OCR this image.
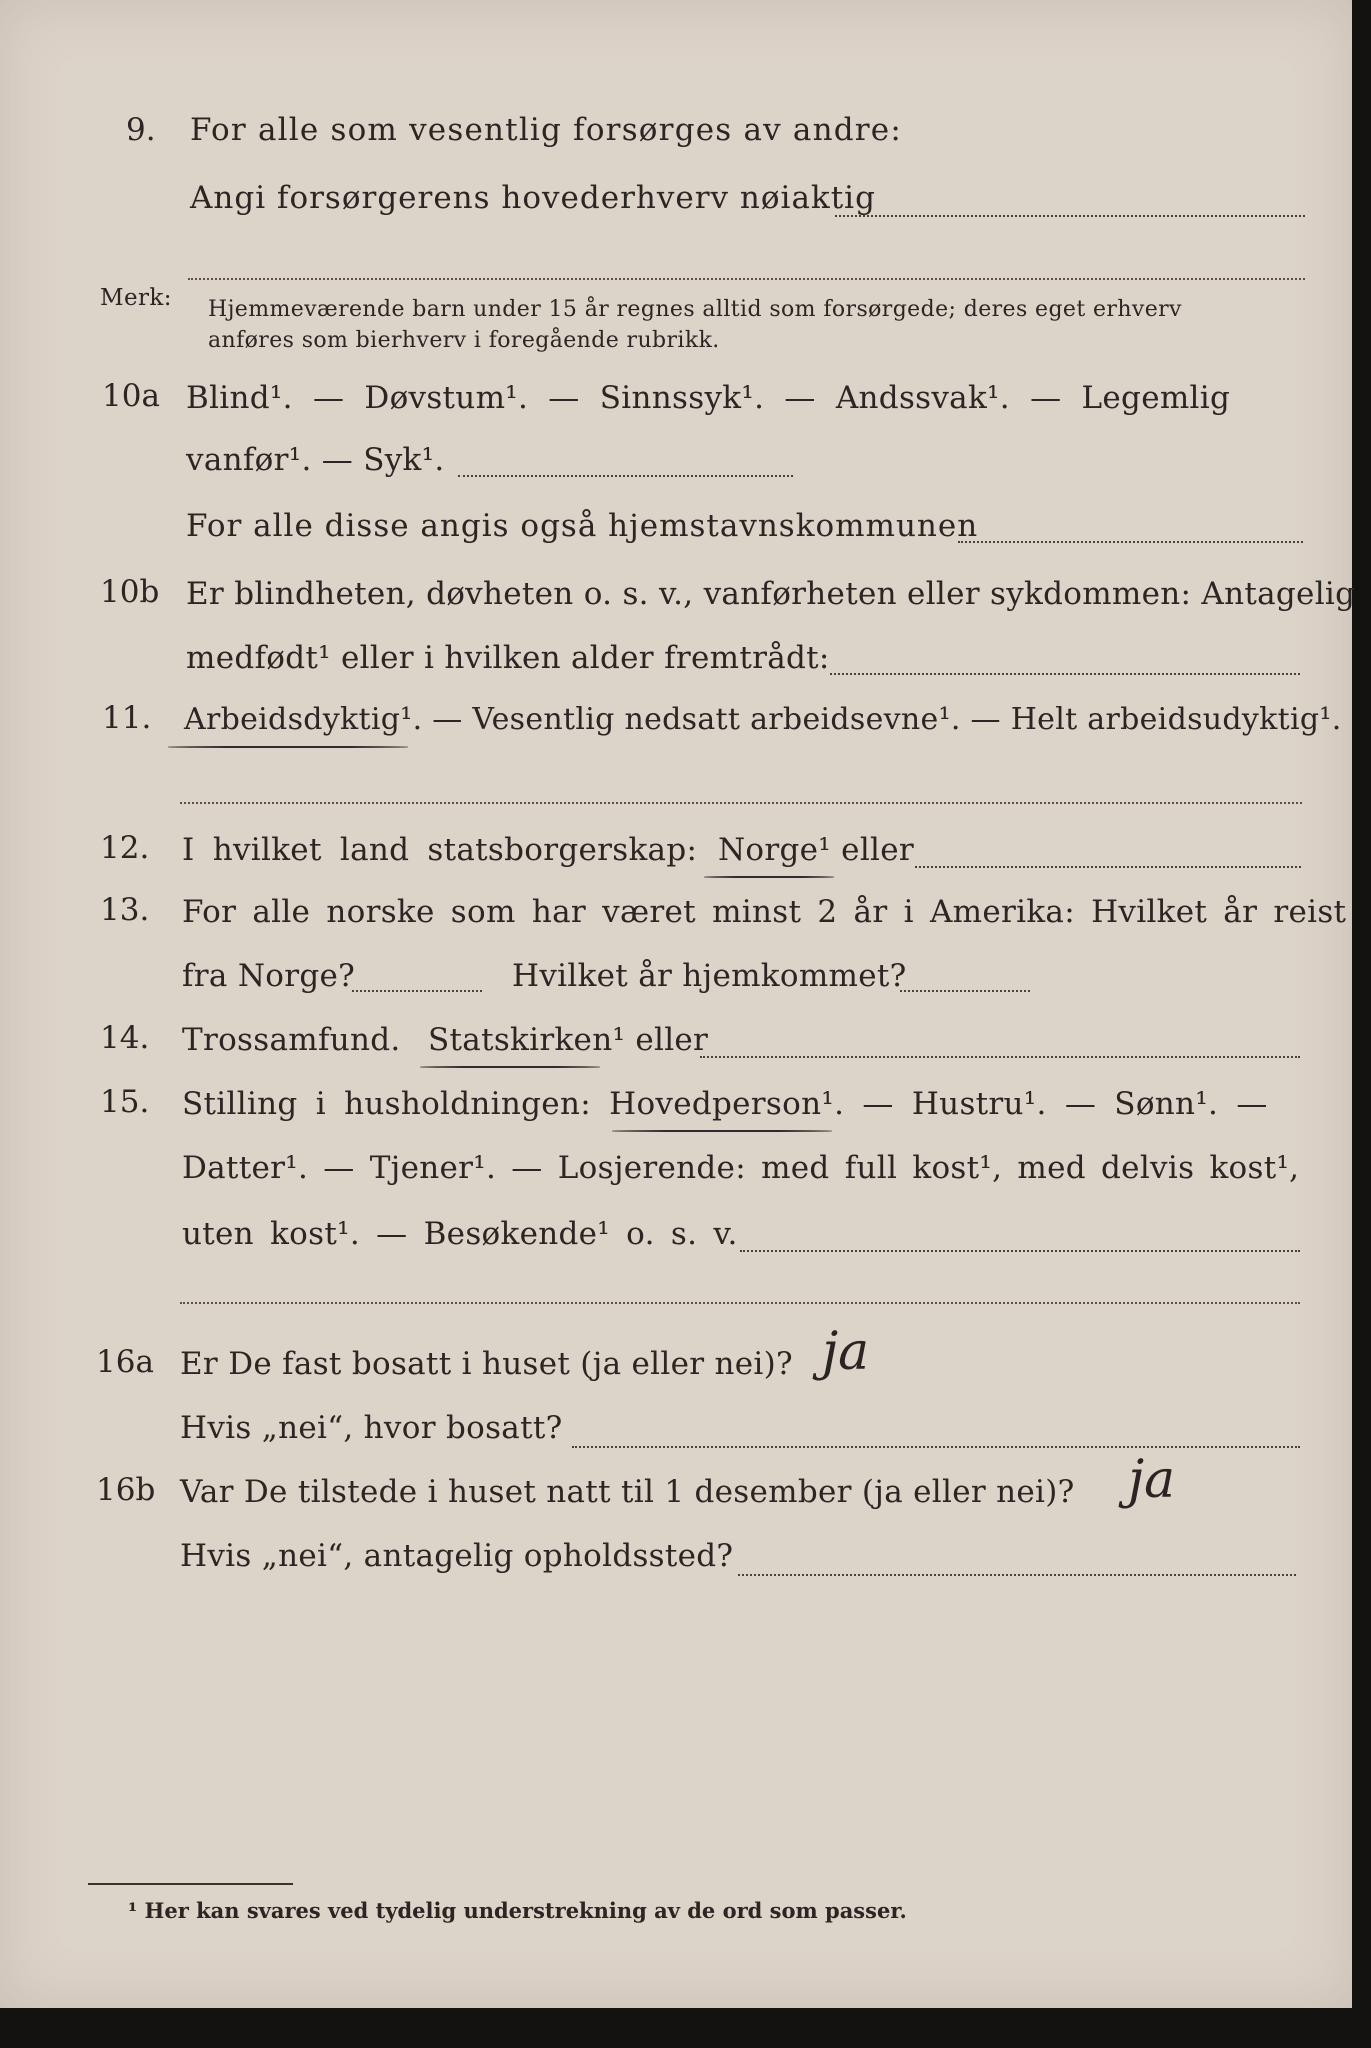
9. For alle som vesentlig forsørges av andre:
Angi forsørgerens hovederhverv nøiaktig
Merk: Hjemmeværende barn under 15 år regnes alltid som forsørgede; deres eget erhverv
anføres som bierhverv i foregående rubrikk.
10a Blind¹. — Døvstum¹. — Sinnssyk¹. — Andssvak¹. — Legemlig
vanfør¹. — Syk¹.
For alle disse angis også hjemstavnskommunen
10b Er blindheten, døvheten o. s. v., vanførheten eller sykdommen: Antagelig
medfødt¹ eller i hvilken alder fremtrådt:
11. Arbeidsdyktig¹. — Vesentlig nedsatt arbeidsevne¹. — Helt arbeidsudyktig¹.
12. I hvilket land statsborgerskap: Norge¹ eller
13. For alle norske som har været minst 2 år i Amerika: Hvilket år reist
fra Norge?	Hvilket år hjemkommet?
14. Trossamfund. Statskirken¹ eller
15. Stilling i husholdningen: Hovedperson¹. — Hustru¹. — Sønn¹. —
Datter¹. — Tjener¹. — Losjerende: med full kost¹, med delvis kost¹,
uten kost¹. — Besøkende¹ o. s. v.
16a Er De fast bosatt i huset (ja eller nei)? ja
Hvis „nei“, hvor bosatt?
16b Var De tilstede i huset natt til 1 desember (ja eller nei)? ja
Hvis „nei“, antagelig opholdssted?
¹ Her kan svares ved tydelig understrekning av de ord som passer.
